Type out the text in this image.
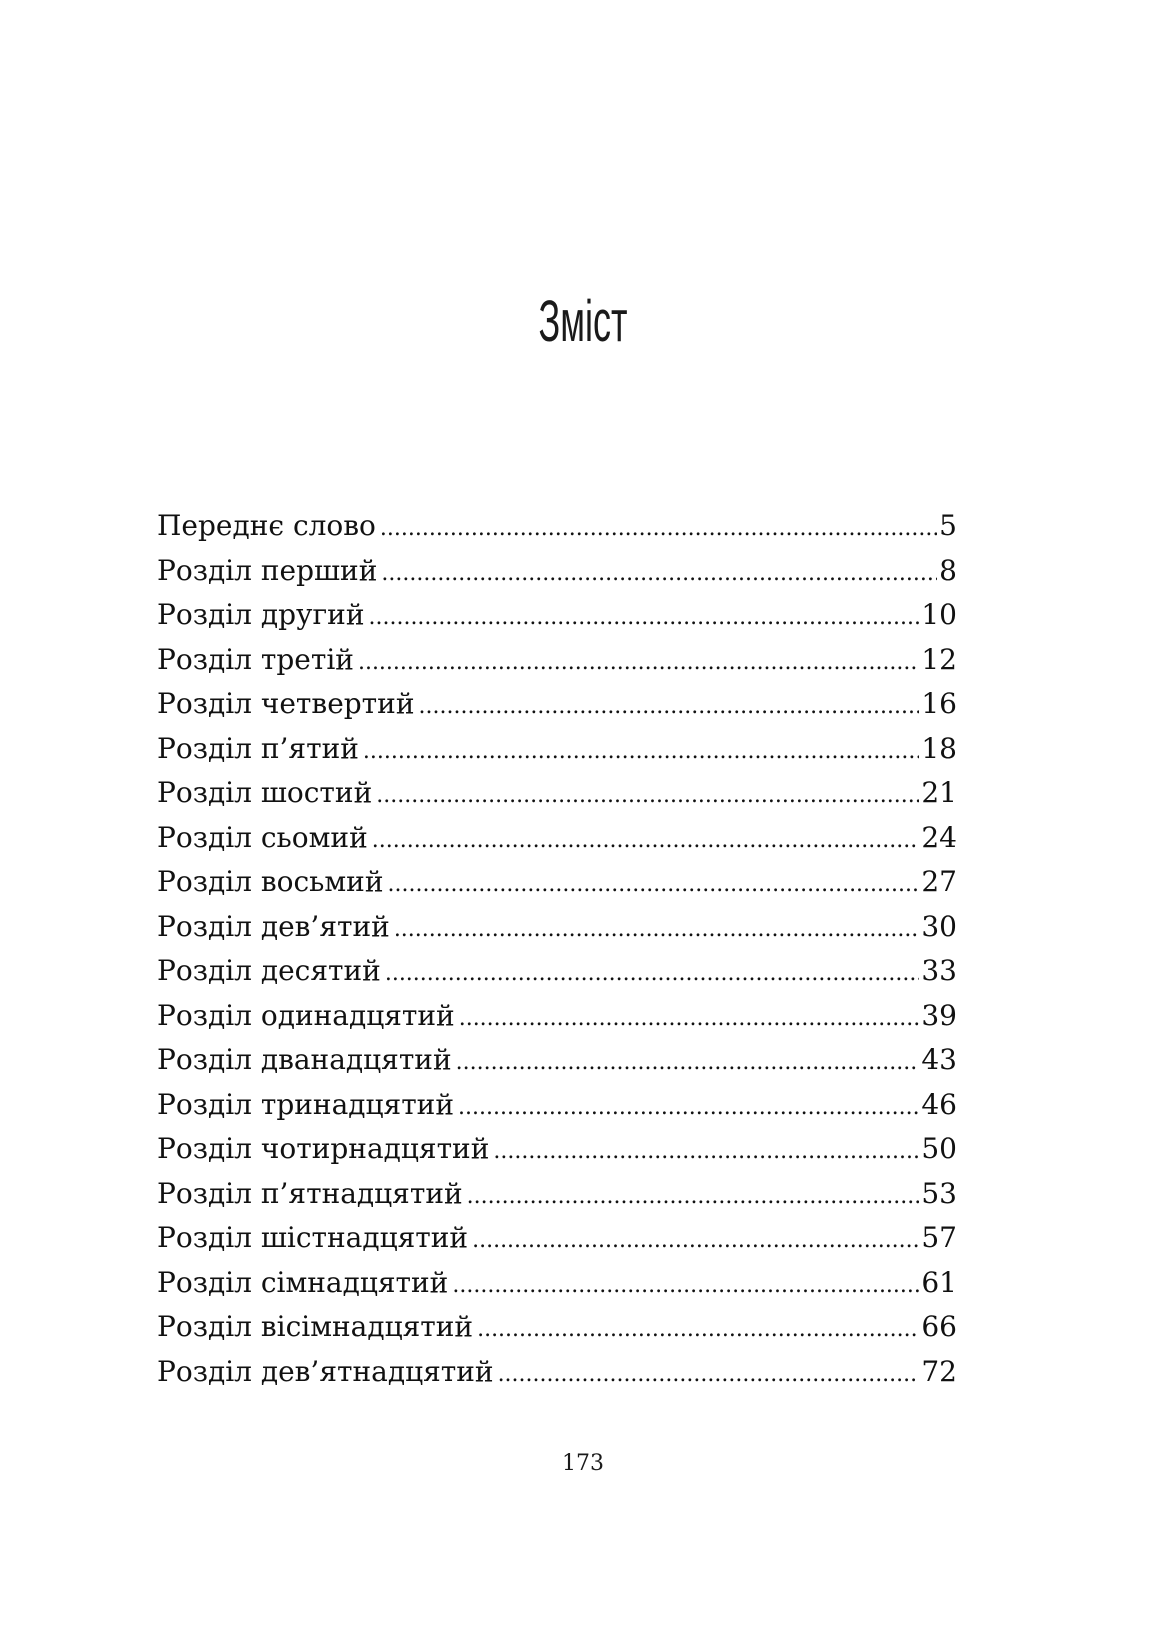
Зміст
Переднє слово .....	5
Розділ перший .....	8
Розділ другий .....	10
Розділ третій .....	12
Розділ четвертий .....	16
Розділ п’ятий .....	18
Розділ шостий .....	21
Розділ сьомий .....	24
Розділ восьмий .....	27
Розділ дев’ятий .....	30
Розділ десятий .....	33
Розділ одинадцятий .....	39
Розділ дванадцятий .....	43
Розділ тринадцятий .....	46
Розділ чотирнадцятий .....	50
Розділ п’ятнадцятий .....	53
Розділ шістнадцятий .....	57
Розділ сімнадцятий .....	61
Розділ вісімнадцятий .....	66
Розділ дев’ятнадцятий .....	72
173
